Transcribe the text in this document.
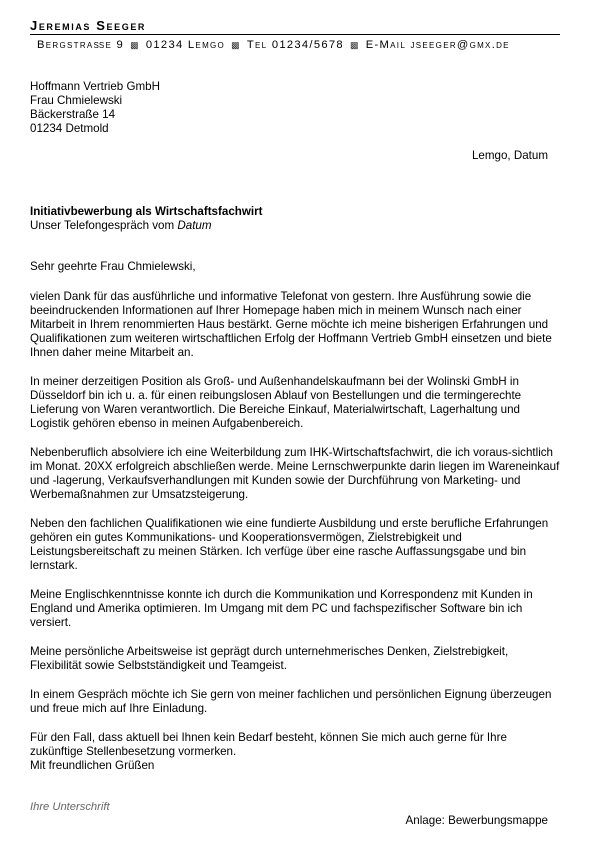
Jeremias Seeger
Bergstraße 9 ▩ 01234 Lemgo ▩ Tel 01234/5678 ▩ E-Mail jseeger@gmx.de
Hoffmann Vertrieb GmbH
Frau Chmielewski
Bäckerstraße 14
01234 Detmold
Lemgo, Datum
Initiativbewerbung als Wirtschaftsfachwirt
Unser Telefongespräch vom Datum
Sehr geehrte Frau Chmielewski,

vielen Dank für das ausführliche und informative Telefonat von gestern. Ihre Ausführung sowie die beeindruckenden Informationen auf Ihrer Homepage haben mich in meinem Wunsch nach einer Mitarbeit in Ihrem renommierten Haus bestärkt. Gerne möchte ich meine bisherigen Erfahrungen und Qualifikationen zum weiteren wirtschaftlichen Erfolg der Hoffmann Vertrieb GmbH einsetzen und biete Ihnen daher meine Mitarbeit an.

In meiner derzeitigen Position als Groß- und Außenhandelskaufmann bei der Wolinski GmbH in Düsseldorf bin ich u. a. für einen reibungslosen Ablauf von Bestellungen und die termingerechte Lieferung von Waren verantwortlich. Die Bereiche Einkauf, Materialwirtschaft, Lagerhaltung und Logistik gehören ebenso in meinen Aufgabenbereich.

Nebenberuflich absolviere ich eine Weiterbildung zum IHK-Wirtschaftsfachwirt, die ich voraus-sichtlich im Monat. 20XX erfolgreich abschließen werde. Meine Lernschwerpunkte darin liegen im Wareneinkauf und -lagerung, Verkaufsverhandlungen mit Kunden sowie der Durchführung von Marketing- und Werbemaßnahmen zur Umsatzsteigerung.

Neben den fachlichen Qualifikationen wie eine fundierte Ausbildung und erste berufliche Erfahrungen gehören ein gutes Kommunikations- und Kooperationsvermögen, Zielstrebigkeit und Leistungsbereitschaft zu meinen Stärken. Ich verfüge über eine rasche Auffassungsgabe und bin lernstark.

Meine Englischkenntnisse konnte ich durch die Kommunikation und Korrespondenz mit Kunden in England und Amerika optimieren. Im Umgang mit dem PC und fachspezifischer Software bin ich versiert.

Meine persönliche Arbeitsweise ist geprägt durch unternehmerisches Denken, Zielstrebigkeit, Flexibilität sowie Selbstständigkeit und Teamgeist.

In einem Gespräch möchte ich Sie gern von meiner fachlichen und persönlichen Eignung überzeugen und freue mich auf Ihre Einladung.

Für den Fall, dass aktuell bei Ihnen kein Bedarf besteht, können Sie mich auch gerne für Ihre zukünftige Stellenbesetzung vormerken.

Mit freundlichen Grüßen
Ihre Unterschrift
Anlage: Bewerbungsmappe
